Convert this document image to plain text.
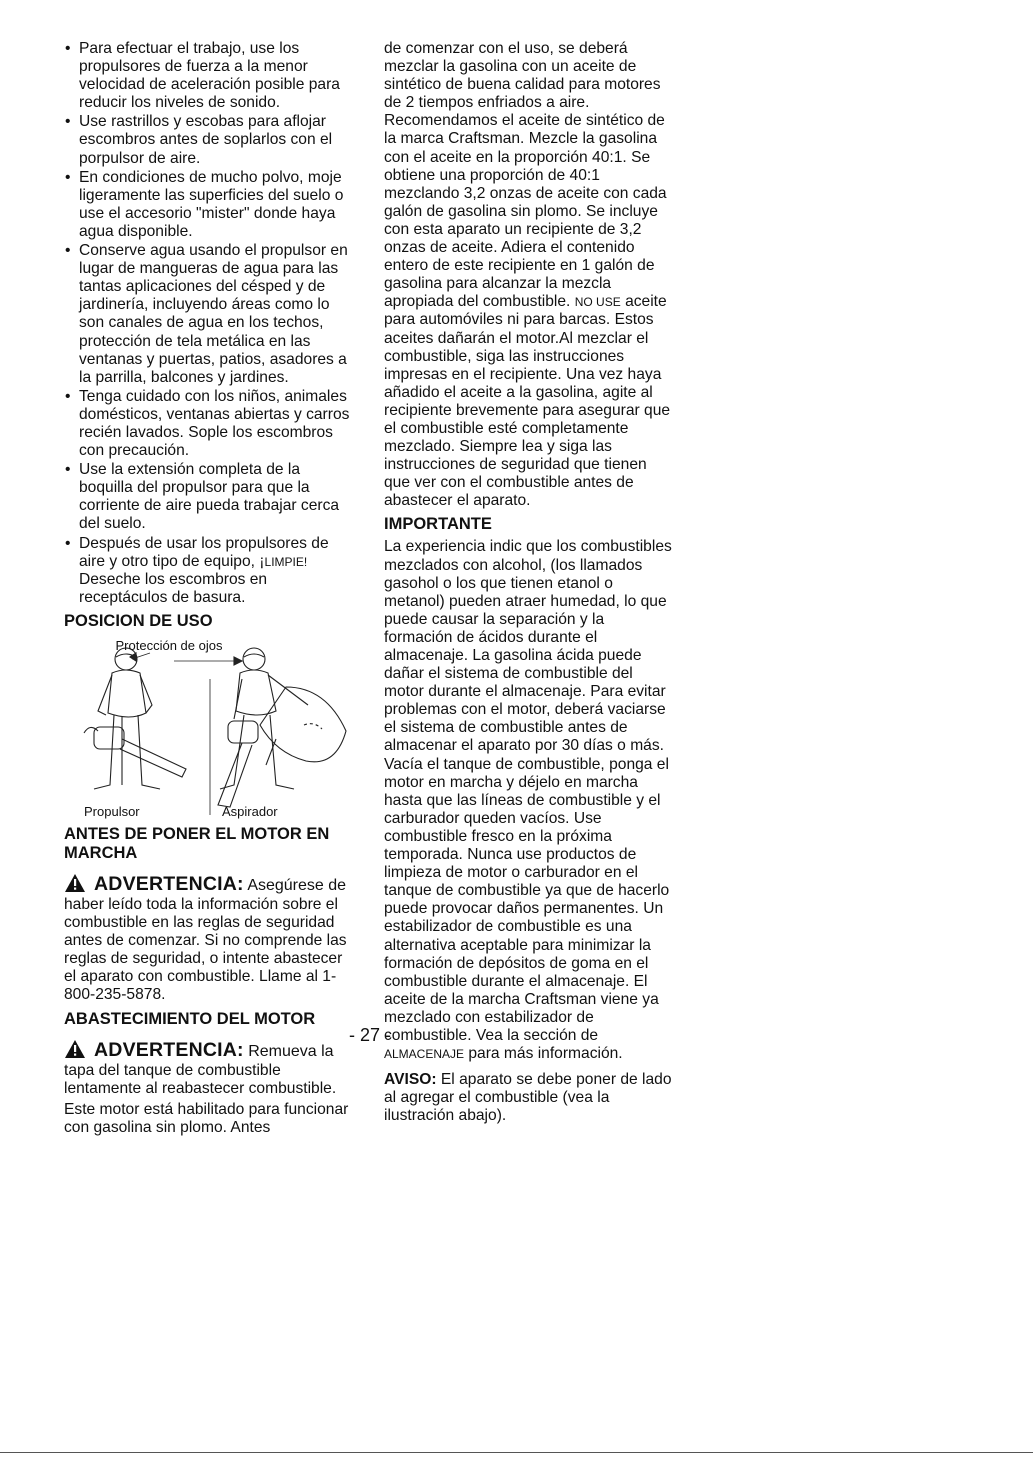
• Para efectuar el trabajo, use los propulsores de fuerza a la menor velocidad de aceleración posible para reducir los niveles de sonido.
• Use rastrillos y escobas para aflojar escombros antes de soplarlos con el porpulsor de aire.
• En condiciones de mucho polvo, moje ligeramente las superficies del suelo o use el accesorio "mister" donde haya agua disponible.
• Conserve agua usando el propulsor en lugar de mangueras de agua para las tantas aplicaciones del césped y de jardinería, incluyendo áreas como lo son canales de agua en los techos, protección de tela metálica en las ventanas y puertas, patios, asadores a la parrilla, balcones y jardines.
• Tenga cuidado con los niños, animales domésticos, ventanas abiertas y carros recién lavados. Sople los escombros con precaución.
• Use la extensión completa de la boquilla del propulsor para que la corriente de aire pueda trabajar cerca del suelo.
• Después de usar los propulsores de aire y otro tipo de equipo, ¡LIMPIE! Deseche los escombros en receptáculos de basura.
POSICION DE USO
Protección de ojos
Propulsor	Aspirador
ANTES DE PONER EL MOTOR EN MARCHA
ADVERTENCIA: Asegúrese de

haber leído toda la información sobre el combustible en las reglas de seguridad antes de comenzar. Si no comprende las reglas de seguridad, o intente abastecer el aparato con combustible. Llame al 1-800-235-5878.

ABASTECIMIENTO DEL MOTOR
ADVERTENCIA: Remueva la

tapa del tanque de combustible lentamente al reabastecer combustible.

Este motor está habilitado para funcionar con gasolina sin plomo. Antes

de comenzar con el uso, se deberá mezclar la gasolina con un aceite de sintético de buena calidad para motores de 2 tiempos enfriados a aire. Recomendamos el aceite de sintético de la marca Craftsman. Mezcle la gasolina con el aceite en la proporción 40:1. Se obtiene una proporción de 40:1 mezclando 3,2 onzas de aceite con cada galón de gasolina sin plomo. Se incluye con esta aparato un recipiente de 3,2 onzas de aceite. Adiera el contenido entero de este recipiente en 1 galón de gasolina para alcanzar la mezcla apropiada del combustible. NO USE aceite para automóviles ni para barcas. Estos aceites dañarán el motor.Al mezclar el combustible, siga las instrucciones impresas en el recipiente. Una vez haya añadido el aceite a la gasolina, agite al recipiente brevemente para asegurar que el combustible esté completamente mezclado. Siempre lea y siga las instrucciones de seguridad que tienen que ver con el combustible antes de abastecer el aparato.

IMPORTANTE

La experiencia indic que los combustibles mezclados con alcohol, (los llamados gasohol o los que tienen etanol o metanol) pueden atraer humedad, lo que puede causar la separación y la formación de ácidos durante el almacenaje. La gasolina ácida puede dañar el sistema de combustible del motor durante el almacenaje. Para evitar problemas con el motor, deberá vaciarse el sistema de combustible antes de almacenar el aparato por 30 días o más. Vacía el tanque de combustible, ponga el motor en marcha y déjelo en marcha hasta que las líneas de combustible y el carburador queden vacíos. Use combustible fresco en la próxima temporada. Nunca use productos de limpieza de motor o carburador en el tanque de combustible ya que de hacerlo puede provocar daños permanentes. Un estabilizador de combustible es una alternativa aceptable para minimizar la formación de depósitos de goma en el combustible durante el almacenaje. El aceite de la marcha Craftsman viene ya mezclado con estabilizador de combustible. Vea la sección de ALMACENAJE para más información.

AVISO: El aparato se debe poner de lado al agregar el combustible (vea la ilustración abajo).

- 27 -
